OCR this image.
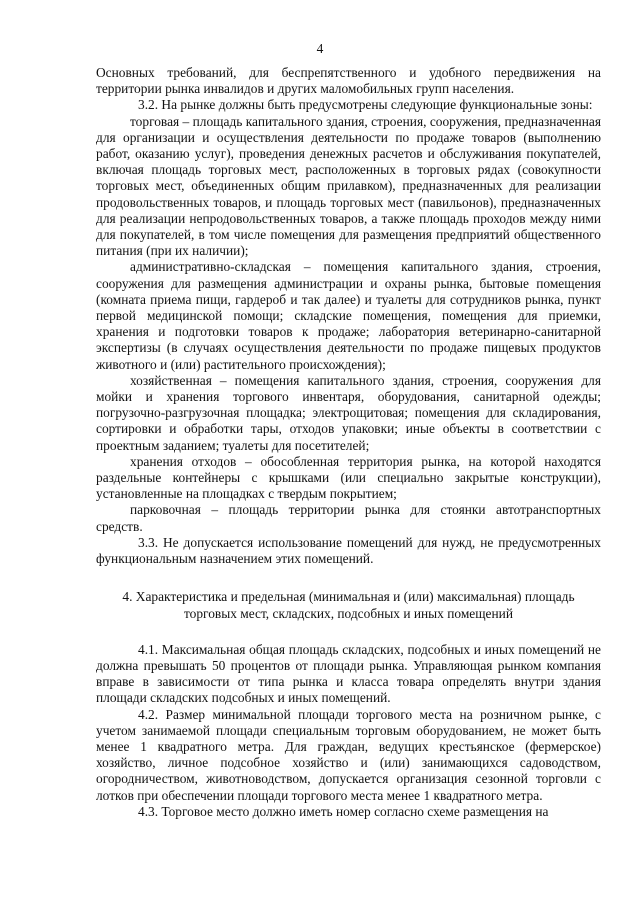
4

Основных требований, для беспрепятственного и удобного передвижения на территории рынка инвалидов и других маломобильных групп населения.

3.2. На рынке должны быть предусмотрены следующие функциональные зоны:

торговая – площадь капитального здания, строения, сооружения, предназначенная для организации и осуществления деятельности по продаже товаров (выполнению работ, оказанию услуг), проведения денежных расчетов и обслуживания покупателей, включая площадь торговых мест, расположенных в торговых рядах (совокупности торговых мест, объединенных общим прилавком), предназначенных для реализации продовольственных товаров, и площадь торговых мест (павильонов), предназначенных для реализации непродовольственных товаров, а также площадь проходов между ними для покупателей, в том числе помещения для размещения предприятий общественного питания (при их наличии);

административно-складская – помещения капитального здания, строения, сооружения для размещения администрации и охраны рынка, бытовые помещения (комната приема пищи, гардероб и так далее) и туалеты для сотрудников рынка, пункт первой медицинской помощи; складские помещения, помещения для приемки, хранения и подготовки товаров к продаже; лаборатория ветеринарно-санитарной экспертизы (в случаях осуществления деятельности по продаже пищевых продуктов животного и (или) растительного происхождения);

хозяйственная – помещения капитального здания, строения, сооружения для мойки и хранения торгового инвентаря, оборудования, санитарной одежды; погрузочно-разгрузочная площадка; электрощитовая; помещения для складирования, сортировки и обработки тары, отходов упаковки; иные объекты в соответствии с проектным заданием; туалеты для посетителей;

хранения отходов – обособленная территория рынка, на которой находятся раздельные контейнеры с крышками (или специально закрытые конструкции), установленные на площадках с твердым покрытием;

парковочная – площадь территории рынка для стоянки автотранспортных средств.

3.3. Не допускается использование помещений для нужд, не предусмотренных функциональным назначением этих помещений.

4. Характеристика и предельная (минимальная и (или) максимальная) площадь
торговых мест, складских, подсобных и иных помещений

4.1. Максимальная общая площадь складских, подсобных и иных помещений не должна превышать 50 процентов от площади рынка. Управляющая рынком компания вправе в зависимости от типа рынка и класса товара определять внутри здания площади складских подсобных и иных помещений.

4.2. Размер минимальной площади торгового места на розничном рынке, с учетом занимаемой площади специальным торговым оборудованием, не может быть менее 1 квадратного метра. Для граждан, ведущих крестьянское (фермерское) хозяйство, личное подсобное хозяйство и (или) занимающихся садоводством, огородничеством, животноводством, допускается организация сезонной торговли с лотков при обеспечении площади торгового места менее 1 квадратного метра.

4.3. Торговое место должно иметь номер согласно схеме размещения на
